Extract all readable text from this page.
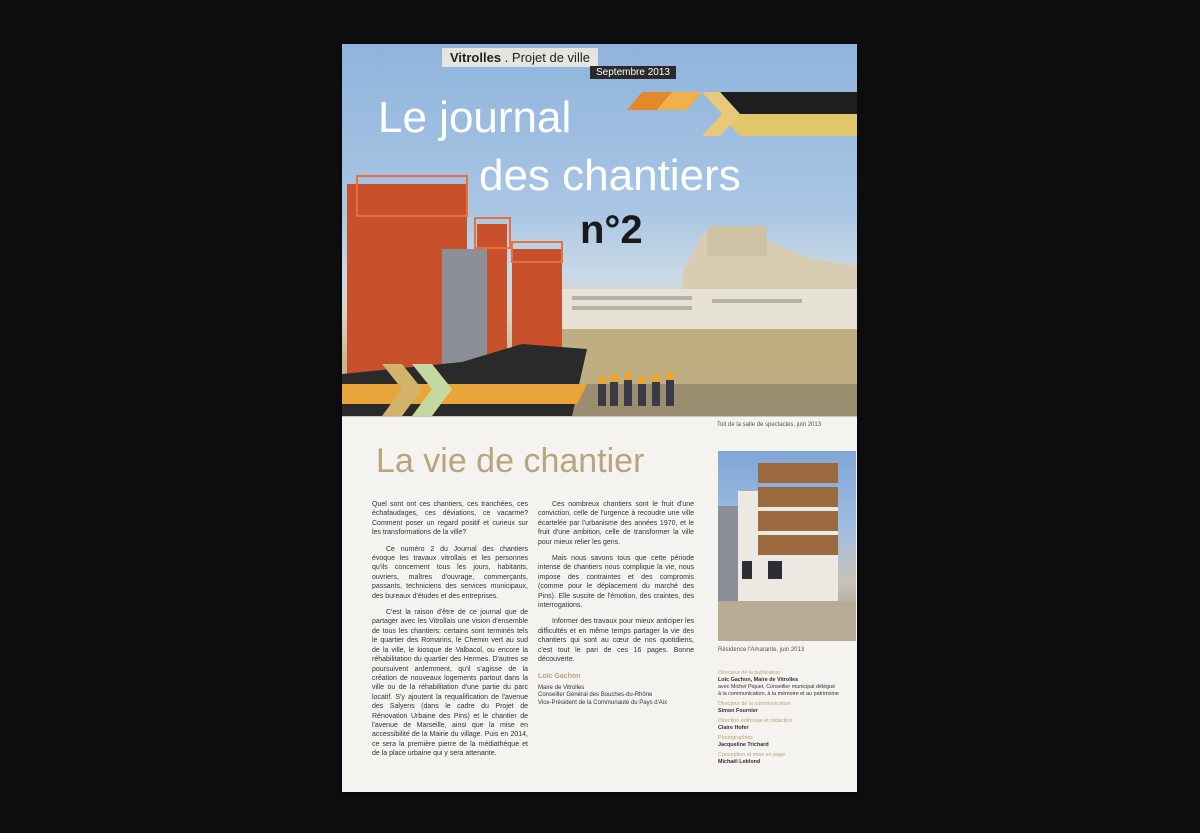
Vitrolles . Projet de ville
Septembre 2013
Le journal
des chantiers
n°2
Toit de la salle de spectacles, juin 2013
La vie de chantier

Quel sont ont ces chantiers, ces tranchées, ces échafaudages, ces déviations, ce vacarme? Comment poser un regard positif et curieux sur les transformations de la ville?

Ce numéro 2 du Journal des chantiers évoque les travaux vitrollais et les personnes qu'ils concernent tous les jours, habitants, ouvriers, maîtres d'ouvrage, commerçants, passants, techniciens des services municipaux, des bureaux d'études et des entreprises.

C'est la raison d'être de ce journal que de partager avec les Vitrollais une vision d'ensemble de tous les chantiers: certains sont terminés tels le quartier des Romarins, le Chemin vert au sud de la ville, le kiosque de Valbacol, ou encore la réhabilitation du quartier des Hermes. D'autres se poursuivent ardemment, qu'il s'agisse de la création de nouveaux logements partout dans la ville ou de la réhabilitation d'une partie du parc locatif. S'y ajoutent la requalification de l'avenue des Salyens (dans le cadre du Projet de Rénovation Urbaine des Pins) et le chantier de l'avenue de Marseille, ainsi que la mise en accessibilité de la Mairie du village. Puis en 2014, ce sera la première pierre de la médiathèque et de la place urbaine qui y sera attenante.

Ces nombreux chantiers sont le fruit d'une conviction, celle de l'urgence à recoudre une ville écartelée par l'urbanisme des années 1970, et le fruit d'une ambition, celle de transformer la ville pour mieux relier les gens.

Mais nous savons tous que cette période intense de chantiers nous complique la vie, nous impose des contraintes et des compromis (comme pour le déplacement du marché des Pins). Elle suscite de l'émotion, des craintes, des interrogations.

Informer des travaux pour mieux anticiper les difficultés et en même temps partager la vie des chantiers qui sont au cœur de nos quotidiens, c'est tout le pari de ces 16 pages. Bonne découverte.

Loïc Gachon
Maire de Vitrolles
Conseiller Général des Bouches-du-Rhône
Vice-Président de la Communauté du Pays d'Aix
Résidence l'Amarante, juin 2013
Directeur de la publication
Loïc Gachon, Maire de Vitrolles
avec Michel Piquet, Conseiller municipal délégué
à la communication, à la mémoire et au patrimoine
Directeur de la communication
Simon Fournier
Direction éditoriale et rédaction
Claire Hofer
Photographies
Jacqueline Trichard
Conception et mise en page
Michaël Leblond
